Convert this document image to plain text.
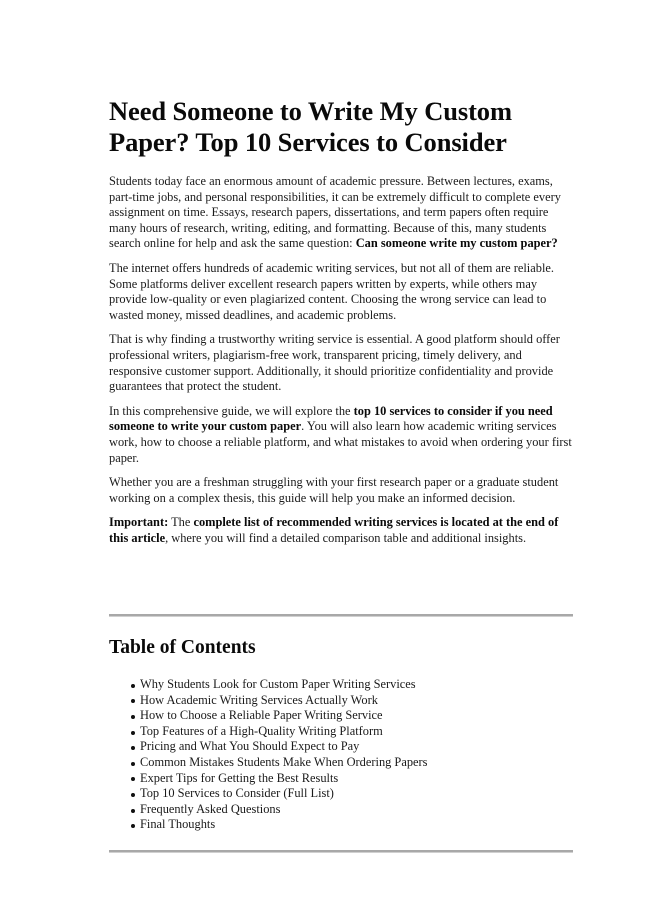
Need Someone to Write My Custom Paper? Top 10 Services to Consider

Students today face an enormous amount of academic pressure. Between lectures, exams, part-time jobs, and personal responsibilities, it can be extremely difficult to complete every assignment on time. Essays, research papers, dissertations, and term papers often require many hours of research, writing, editing, and formatting. Because of this, many students search online for help and ask the same question: Can someone write my custom paper?

The internet offers hundreds of academic writing services, but not all of them are reliable. Some platforms deliver excellent research papers written by experts, while others may provide low-quality or even plagiarized content. Choosing the wrong service can lead to wasted money, missed deadlines, and academic problems.

That is why finding a trustworthy writing service is essential. A good platform should offer professional writers, plagiarism-free work, transparent pricing, timely delivery, and responsive customer support. Additionally, it should prioritize confidentiality and provide guarantees that protect the student.

In this comprehensive guide, we will explore the top 10 services to consider if you need someone to write your custom paper. You will also learn how academic writing services work, how to choose a reliable platform, and what mistakes to avoid when ordering your first paper.

Whether you are a freshman struggling with your first research paper or a graduate student working on a complex thesis, this guide will help you make an informed decision.

Important: The complete list of recommended writing services is located at the end of this article, where you will find a detailed comparison table and additional insights.

Table of Contents
Why Students Look for Custom Paper Writing Services
How Academic Writing Services Actually Work
How to Choose a Reliable Paper Writing Service
Top Features of a High-Quality Writing Platform
Pricing and What You Should Expect to Pay
Common Mistakes Students Make When Ordering Papers
Expert Tips for Getting the Best Results
Top 10 Services to Consider (Full List)
Frequently Asked Questions
Final Thoughts
